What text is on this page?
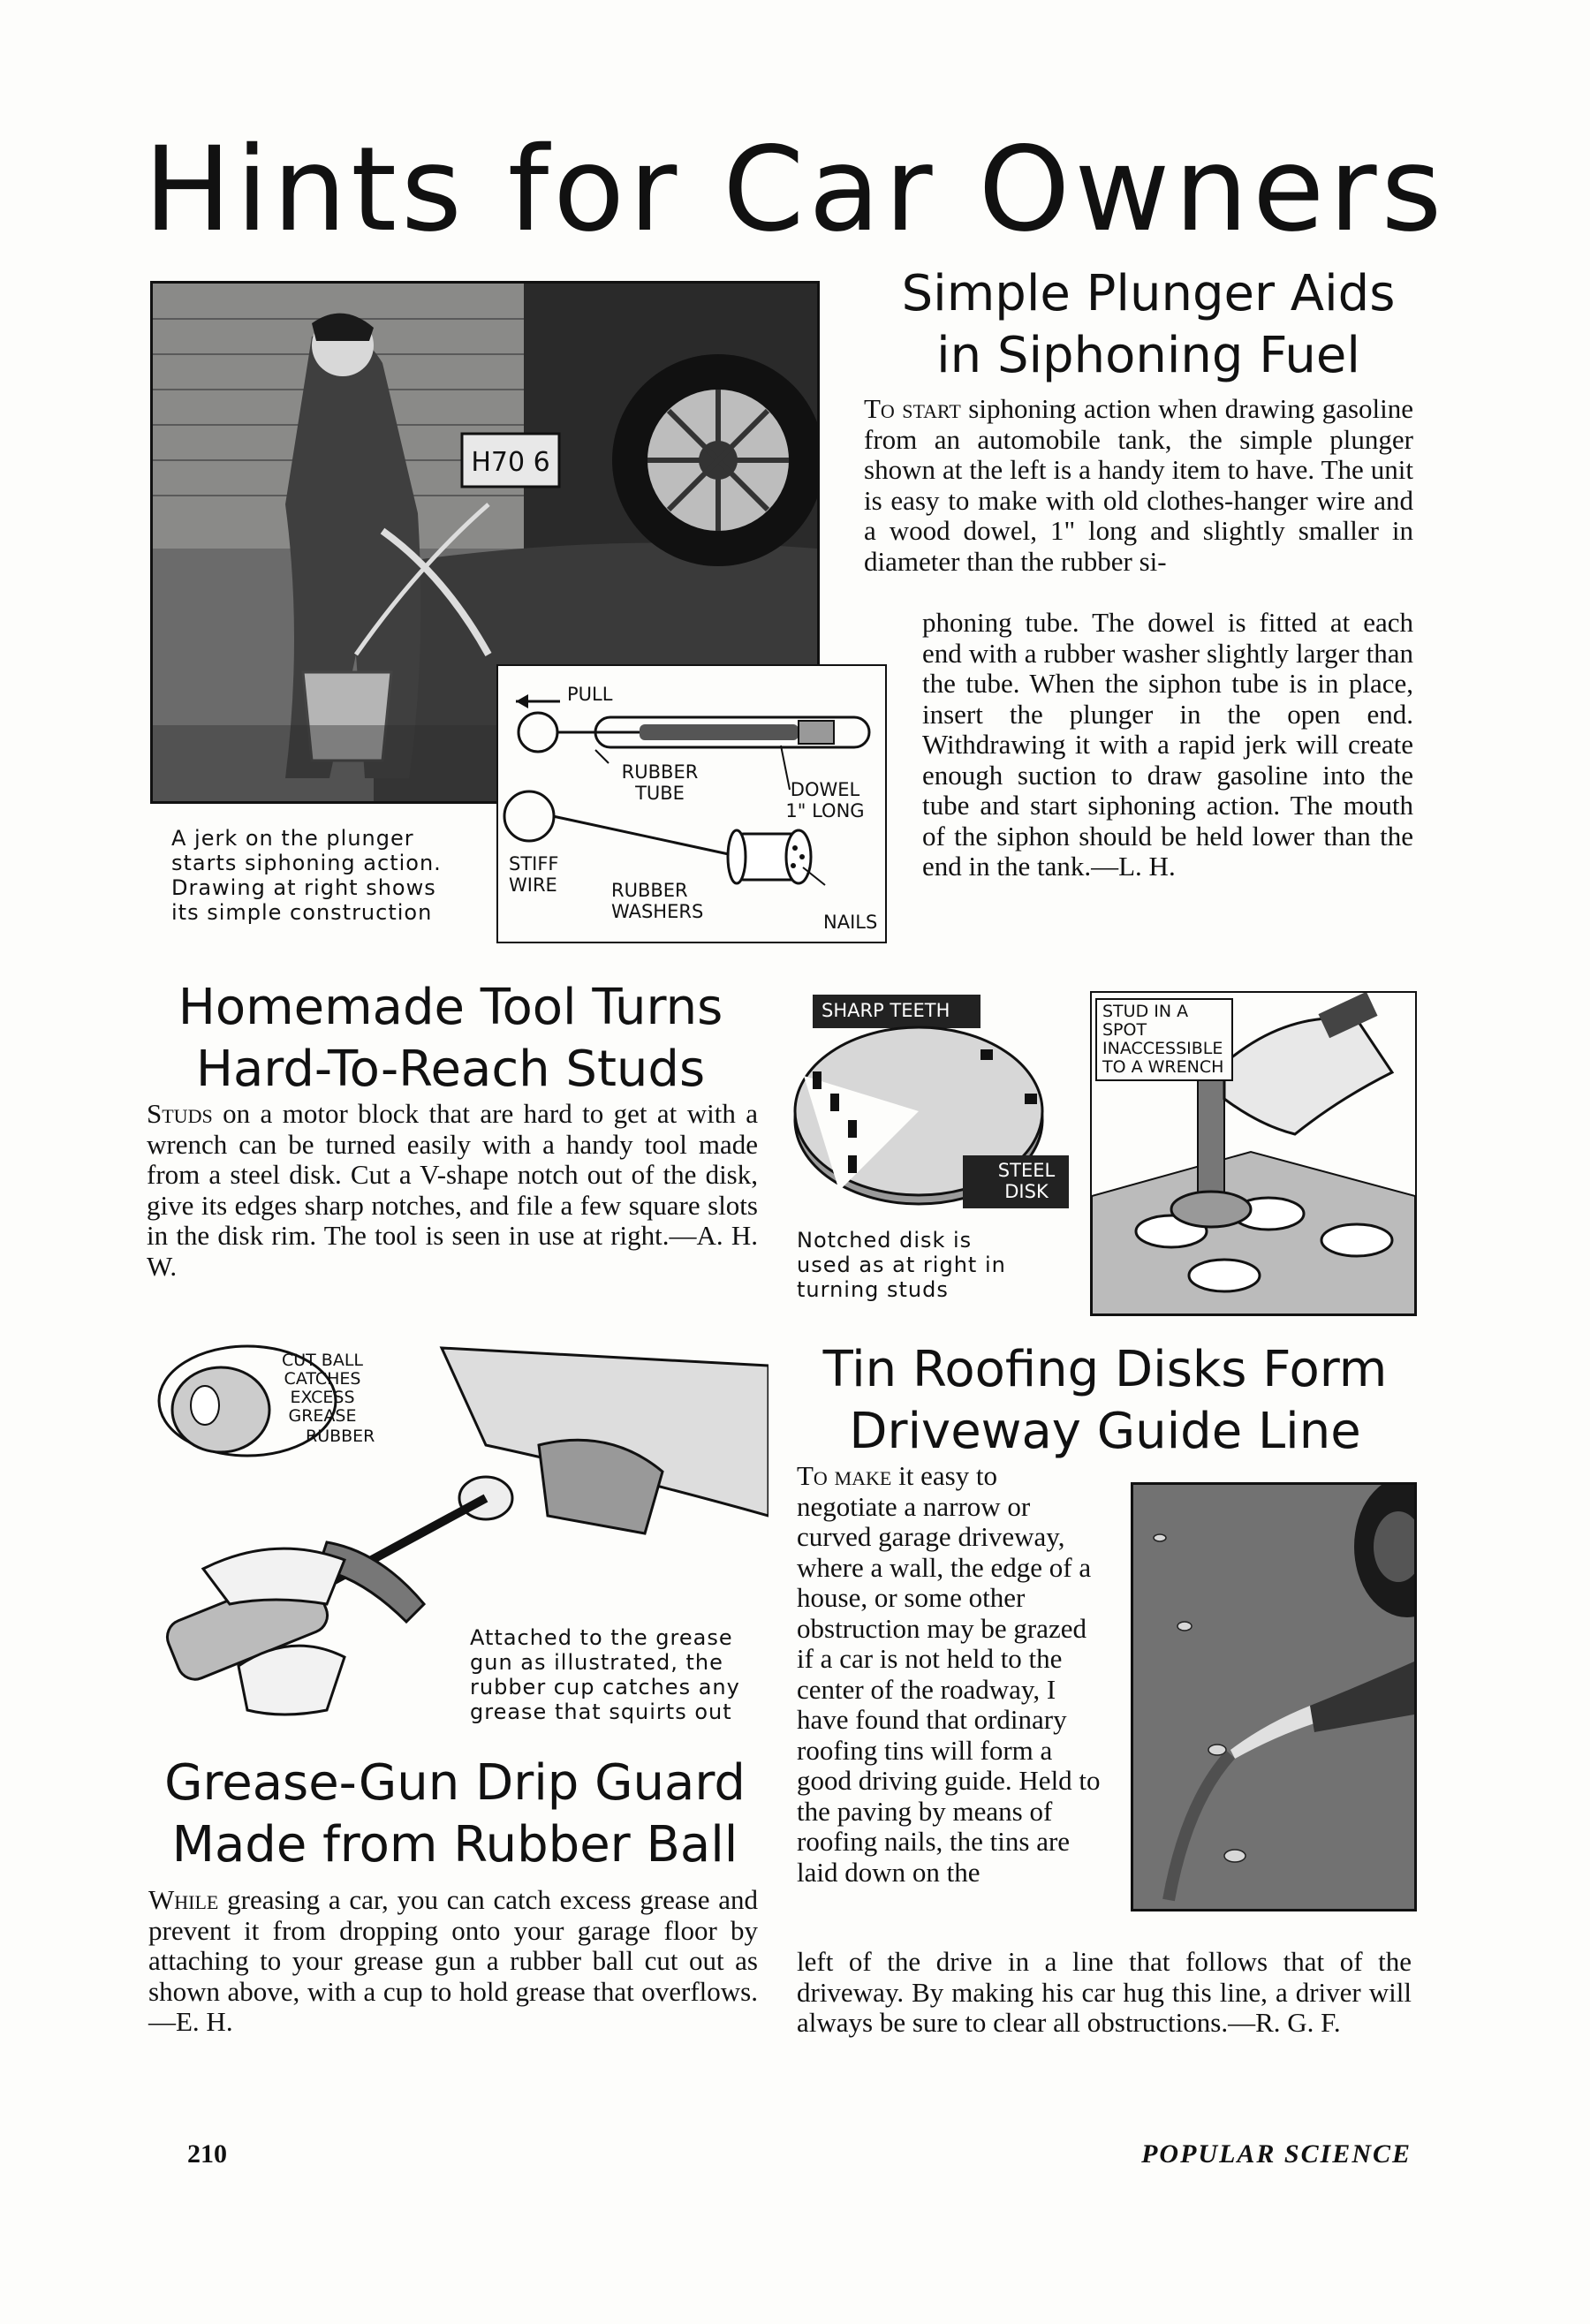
Hints for Car Owners
H70 6
A jerk on the plunger starts siphoning action. Drawing at right shows its simple construction
PULL
RUBBER TUBE	DOWEL 1" LONG
STIFF WIRE	RUBBER WASHERS	NAILS
Simple Plunger Aids
in Siphoning Fuel

To start siphoning action when drawing gasoline from an automobile tank, the simple plunger shown at the left is a handy item to have. The unit is easy to make with old clothes-hanger wire and a wood dowel, 1" long and slightly smaller in diameter than the rubber si-

phoning tube. The dowel is fitted at each end with a rubber washer slightly larger than the tube. When the siphon tube is in place, insert the plunger in the open end. Withdrawing it with a rapid jerk will create enough suction to draw gasoline into the tube and start siphoning action. The mouth of the siphon should be held lower than the end in the tank.—L. H.

Homemade Tool Turns
Hard-To-Reach Studs

Studs on a motor block that are hard to get at with a wrench can be turned easily with a handy tool made from a steel disk. Cut a V-shape notch out of the disk, give its edges sharp notches, and file a few square slots in the disk rim. The tool is seen in use at right.—A. H. W.

SHARP TEETH
STEEL DISK
Notched disk is used as at right in turning studs
STUD IN A SPOT INACCESSIBLE TO A WRENCH
CUT BALL CATCHES EXCESS GREASE
RUBBER
Attached to the grease gun as illustrated, the rubber cup catches any grease that squirts out
Grease-Gun Drip Guard
Made from Rubber Ball

While greasing a car, you can catch excess grease and prevent it from dropping onto your garage floor by attaching to your grease gun a rubber ball cut out as shown above, with a cup to hold grease that overflows.—E. H.

Tin Roofing Disks Form
Driveway Guide Line

To make it easy to negotiate a narrow or curved garage driveway, where a wall, the edge of a house, or some other obstruction may be grazed if a car is not held to the center of the roadway, I have found that ordinary roofing tins will form a good driving guide. Held to the paving by means of roofing nails, the tins are laid down on the

left of the drive in a line that follows that of the driveway. By making his car hug this line, a driver will always be sure to clear all obstructions.—R. G. F.

210	POPULAR SCIENCE
